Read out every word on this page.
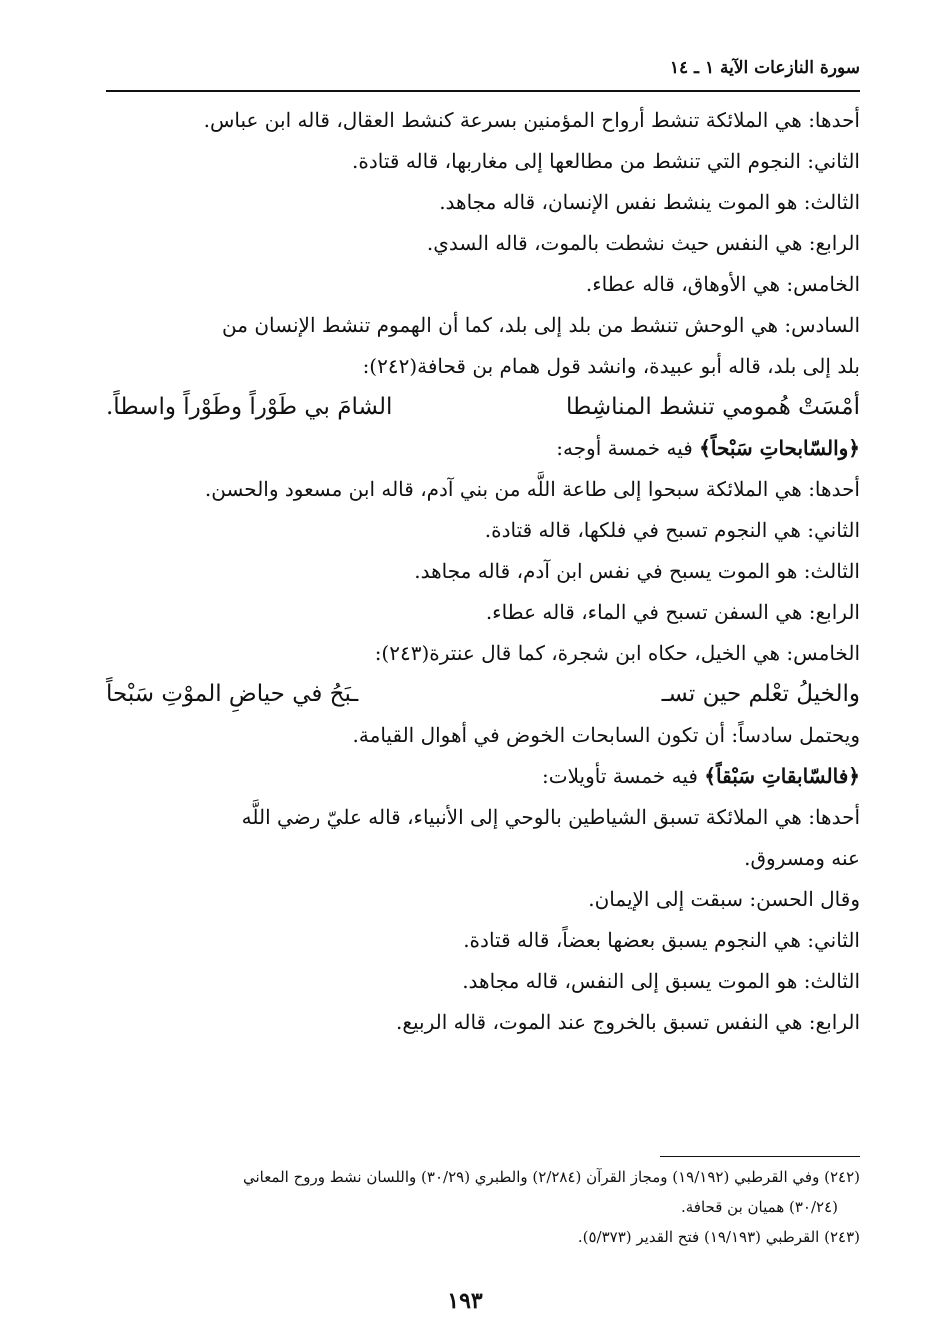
سورة النازعات الآية ١ ـ ١٤
أحدها: هي الملائكة تنشط أرواح المؤمنين بسرعة كنشط العقال، قاله ابن عباس.
الثاني: النجوم التي تنشط من مطالعها إلى مغاربها، قاله قتادة.
الثالث: هو الموت ينشط نفس الإنسان، قاله مجاهد.
الرابع: هي النفس حيث نشطت بالموت، قاله السدي.
الخامس: هي الأوهاق، قاله عطاء.
السادس: هي الوحش تنشط من بلد إلى بلد، كما أن الهموم تنشط الإنسان من
بلد إلى بلد، قاله أبو عبيدة، وانشد قول همام بن قحافة(٢٤٢):
أمْسَتْ هُمومي تنشط المناشِطا
الشامَ بي طَوْراً وطَوْراً واسطاً.
﴿والسّابحاتِ سَبْحاً﴾ فيه خمسة أوجه:
أحدها: هي الملائكة سبحوا إلى طاعة اللَّه من بني آدم، قاله ابن مسعود والحسن.
الثاني: هي النجوم تسبح في فلكها، قاله قتادة.
الثالث: هو الموت يسبح في نفس ابن آدم، قاله مجاهد.
الرابع: هي السفن تسبح في الماء، قاله عطاء.
الخامس: هي الخيل، حكاه ابن شجرة، كما قال عنترة(٢٤٣):
والخيلُ تعْلم حين تسـ
ـبَحُ في حياضِ الموْتِ سَبْحاً
ويحتمل سادساً: أن تكون السابحات الخوض في أهوال القيامة.
﴿فالسّابقاتِ سَبْقاً﴾ فيه خمسة تأويلات:
أحدها: هي الملائكة تسبق الشياطين بالوحي إلى الأنبياء، قاله عليّ رضي اللَّه
عنه ومسروق.
وقال الحسن: سبقت إلى الإيمان.
الثاني: هي النجوم يسبق بعضها بعضاً، قاله قتادة.
الثالث: هو الموت يسبق إلى النفس، قاله مجاهد.
الرابع: هي النفس تسبق بالخروج عند الموت، قاله الربيع.
(٢٤٢) وفي القرطبي (١٩/١٩٢) ومجاز القرآن (٢/٢٨٤) والطبري (٣٠/٢٩) واللسان نشط وروح المعاني
(٣٠/٢٤) هميان بن قحافة.
(٢٤٣) القرطبي (١٩/١٩٣) فتح القدير (٥/٣٧٣).
١٩٣
